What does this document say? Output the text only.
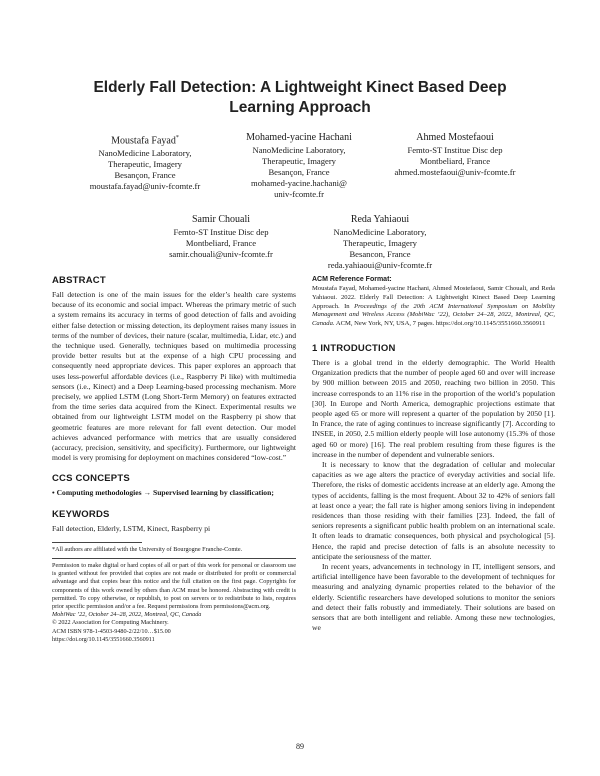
Elderly Fall Detection: A Lightweight Kinect Based Deep Learning Approach
Moustafa Fayad*
NanoMedicine Laboratory,
Therapeutic, Imagery
Besançon, France
moustafa.fayad@univ-fcomte.fr
Mohamed-yacine Hachani
NanoMedicine Laboratory,
Therapeutic, Imagery
Besançon, France
mohamed-yacine.hachani@
univ-fcomte.fr
Ahmed Mostefaoui
Femto-ST Institue Disc dep
Montbeliard, France
ahmed.mostefaoui@univ-fcomte.fr
Samir Chouali
Femto-ST Institue Disc dep
Montbeliard, France
samir.chouali@univ-fcomte.fr
Reda Yahiaoui
NanoMedicine Laboratory,
Therapeutic, Imagery
Besancon, France
reda.yahiaoui@univ-fcomte.fr
ABSTRACT

Fall detection is one of the main issues for the elder’s health care systems because of its economic and social impact. Whereas the primary metric of such a system remains its accuracy in terms of good detection of falls and avoiding either false detection or missing detection, its deployment raises many issues in terms of the number of devices, their nature (scalar, multimedia, Lidar, etc.) and the technique used. Generally, techniques based on multimedia processing provide better results but at the expense of a high CPU processing and consequently need appropriate devices. This paper explores an approach that uses less-powerful affordable devices (i.e., Raspberry Pi like) with multimedia sensors (i.e., Kinect) and a Deep Learning-based processing mechanism. More precisely, we applied LSTM (Long Short-Term Memory) on features extracted from the time series data acquired from the Kinect. Experimental results we obtained from our lightweight LSTM model on the Raspberry pi show that geometric features are more relevant for fall event detection. Our model achieves advanced performance with metrics that are usually considered (accuracy, precision, sensitivity, and specificity). Furthermore, our lightweight model is very promising for deployment on machines considered “low-cost.”

CCS CONCEPTS

• Computing methodologies → Supervised learning by classification;

KEYWORDS

Fall detection, Elderly, LSTM, Kinect, Raspberry pi

*All authors are affiliated with the University of Bourgogne Franche-Comte.

Permission to make digital or hard copies of all or part of this work for personal or classroom use is granted without fee provided that copies are not made or distributed for profit or commercial advantage and that copies bear this notice and the full citation on the first page. Copyrights for components of this work owned by others than ACM must be honored. Abstracting with credit is permitted. To copy otherwise, or republish, to post on servers or to redistribute to lists, requires prior specific permission and/or a fee. Request permissions from permissions@acm.org.

MobiWac ’22, October 24–28, 2022, Montreal, QC, Canada

© 2022 Association for Computing Machinery.

ACM ISBN 978-1-4503-9480-2/22/10…$15.00

https://doi.org/10.1145/3551660.3560911

ACM Reference Format:

Moustafa Fayad, Mohamed-yacine Hachani, Ahmed Mostefaoui, Samir Chouali, and Reda Yahiaoui. 2022. Elderly Fall Detection: A Lightweight Kinect Based Deep Learning Approach. In Proceedings of the 20th ACM International Symposium on Mobility Management and Wireless Access (MobiWac ’22), October 24–28, 2022, Montreal, QC, Canada. ACM, New York, NY, USA, 7 pages. https://doi.org/10.1145/3551660.3560911

1 INTRODUCTION

There is a global trend in the elderly demographic. The World Health Organization predicts that the number of people aged 60 and over will increase by 900 million between 2015 and 2050, reaching two billion in 2050. This increase corresponds to an 11% rise in the proportion of the world’s population [30]. In Europe and North America, demographic projections estimate that people aged 65 or more will represent a quarter of the population by 2050 [1]. In France, the rate of aging continues to increase significantly [7]. According to INSEE, in 2050, 2.5 million elderly people will lose autonomy (15.3% of those aged 60 or more) [16]. The real problem resulting from these figures is the increase in the number of dependent and vulnerable seniors.

It is necessary to know that the degradation of cellular and molecular capacities as we age alters the practice of everyday activities and social life. Therefore, the risks of domestic accidents increase at an elderly age. Among the types of accidents, falling is the most frequent. About 32 to 42% of seniors fall at least once a year; the fall rate is higher among seniors living in independent residences than those residing with their families [23]. Indeed, the fall of seniors represents a significant public health problem on an international scale. It often leads to dramatic consequences, both physical and psychological [5]. Hence, the rapid and precise detection of falls is an absolute necessity to anticipate the seriousness of the matter.

In recent years, advancements in technology in IT, intelligent sensors, and artificial intelligence have been favorable to the development of techniques for measuring and analyzing dynamic properties related to the behavior of the elderly. Scientific researchers have developed solutions to monitor the seniors and detect their falls robustly and immediately. Their solutions are based on sensors that are both intelligent and reliable. Among these new technologies, we

89
